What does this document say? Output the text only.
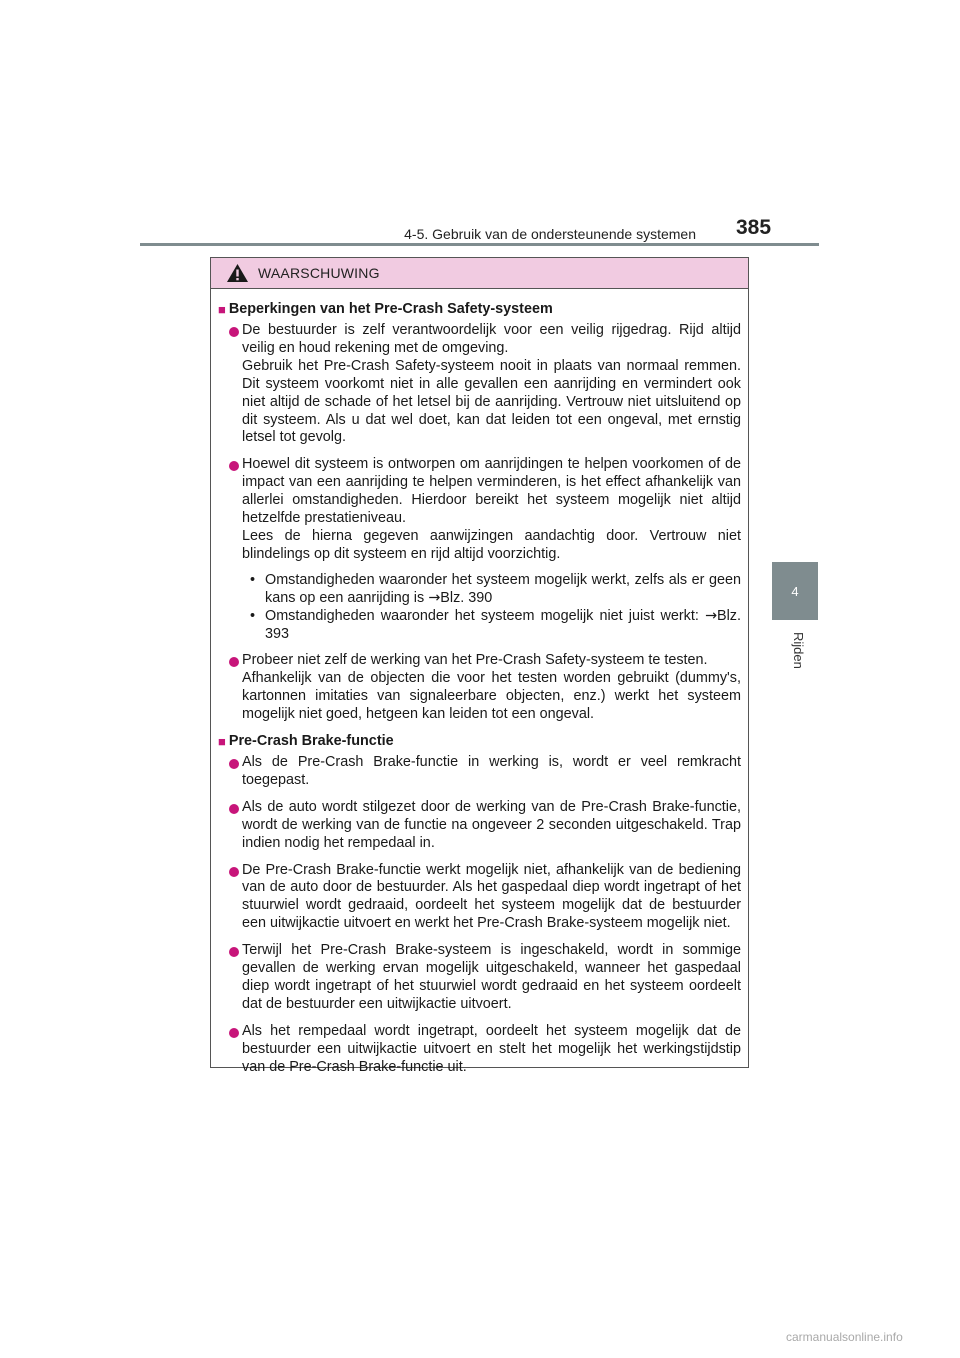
4-5. Gebruik van de ondersteunende systemen 385
4
Rijden
WAARSCHUWING
■ Beperkingen van het Pre-Crash Safety-systeem

De bestuurder is zelf verantwoordelijk voor een veilig rijgedrag. Rijd altijd veilig en houd rekening met de omgeving.

Gebruik het Pre-Crash Safety-systeem nooit in plaats van normaal remmen. Dit systeem voorkomt niet in alle gevallen een aanrijding en vermindert ook niet altijd de schade of het letsel bij de aanrijding. Vertrouw niet uitsluitend op dit systeem. Als u dat wel doet, kan dat leiden tot een ongeval, met ernstig letsel tot gevolg.

Hoewel dit systeem is ontworpen om aanrijdingen te helpen voorkomen of de impact van een aanrijding te helpen verminderen, is het effect afhankelijk van allerlei omstandigheden. Hierdoor bereikt het systeem mogelijk niet altijd hetzelfde prestatieniveau.

Lees de hierna gegeven aanwijzingen aandachtig door. Vertrouw niet blindelings op dit systeem en rijd altijd voorzichtig.

• Omstandigheden waaronder het systeem mogelijk werkt, zelfs als er geen kans op een aanrijding is →Blz. 390
• Omstandigheden waaronder het systeem mogelijk niet juist werkt: →Blz. 393

Probeer niet zelf de werking van het Pre-Crash Safety-systeem te testen.

Afhankelijk van de objecten die voor het testen worden gebruikt (dummy's, kartonnen imitaties van signaleerbare objecten, enz.) werkt het systeem mogelijk niet goed, hetgeen kan leiden tot een ongeval.

■ Pre-Crash Brake-functie
Als de Pre-Crash Brake-functie in werking is, wordt er veel remkracht toegepast.
Als de auto wordt stilgezet door de werking van de Pre-Crash Brake-functie, wordt de werking van de functie na ongeveer 2 seconden uitgeschakeld. Trap indien nodig het rempedaal in.
De Pre-Crash Brake-functie werkt mogelijk niet, afhankelijk van de bediening van de auto door de bestuurder. Als het gaspedaal diep wordt ingetrapt of het stuurwiel wordt gedraaid, oordeelt het systeem mogelijk dat de bestuurder een uitwijkactie uitvoert en werkt het Pre-Crash Brake-systeem mogelijk niet.
Terwijl het Pre-Crash Brake-systeem is ingeschakeld, wordt in sommige gevallen de werking ervan mogelijk uitgeschakeld, wanneer het gaspedaal diep wordt ingetrapt of het stuurwiel wordt gedraaid en het systeem oordeelt dat de bestuurder een uitwijkactie uitvoert.
Als het rempedaal wordt ingetrapt, oordeelt het systeem mogelijk dat de bestuurder een uitwijkactie uitvoert en stelt het mogelijk het werkingstijdstip van de Pre-Crash Brake-functie uit.
carmanualsonline.info
